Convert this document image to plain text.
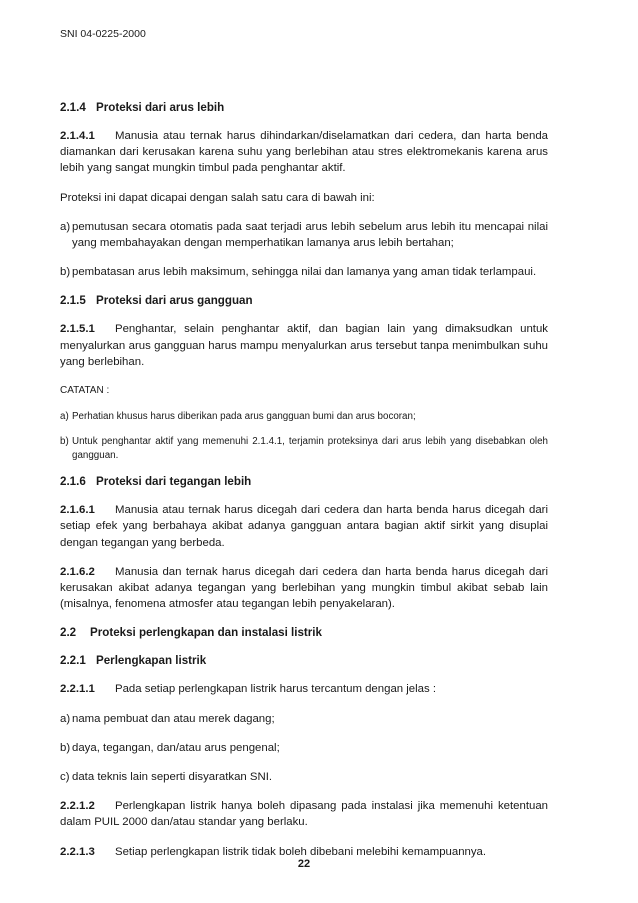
SNI 04-0225-2000
2.1.4 Proteksi dari arus lebih

2.1.4.1 Manusia atau ternak harus dihindarkan/diselamatkan dari cedera, dan harta benda diamankan dari kerusakan karena suhu yang berlebihan atau stres elektromekanis karena arus lebih yang sangat mungkin timbul pada penghantar aktif.

Proteksi ini dapat dicapai dengan salah satu cara di bawah ini:

a) pemutusan secara otomatis pada saat terjadi arus lebih sebelum arus lebih itu mencapai nilai yang membahayakan dengan memperhatikan lamanya arus lebih bertahan;

b) pembatasan arus lebih maksimum, sehingga nilai dan lamanya yang aman tidak terlampaui.

2.1.5 Proteksi dari arus gangguan

2.1.5.1 Penghantar, selain penghantar aktif, dan bagian lain yang dimaksudkan untuk menyalurkan arus gangguan harus mampu menyalurkan arus tersebut tanpa menimbulkan suhu yang berlebihan.

CATATAN :

a) Perhatian khusus harus diberikan pada arus gangguan bumi dan arus bocoran;

b) Untuk penghantar aktif yang memenuhi 2.1.4.1, terjamin proteksinya dari arus lebih yang disebabkan oleh gangguan.

2.1.6 Proteksi dari tegangan lebih

2.1.6.1 Manusia atau ternak harus dicegah dari cedera dan harta benda harus dicegah dari setiap efek yang berbahaya akibat adanya gangguan antara bagian aktif sirkit yang disuplai dengan tegangan yang berbeda.

2.1.6.2 Manusia dan ternak harus dicegah dari cedera dan harta benda harus dicegah dari kerusakan akibat adanya tegangan yang berlebihan yang mungkin timbul akibat sebab lain (misalnya, fenomena atmosfer atau tegangan lebih penyakelaran).

2.2 Proteksi perlengkapan dan instalasi listrik
2.2.1 Perlengkapan listrik

2.2.1.1 Pada setiap perlengkapan listrik harus tercantum dengan jelas :

a) nama pembuat dan atau merek dagang;

b) daya, tegangan, dan/atau arus pengenal;

c) data teknis lain seperti disyaratkan SNI.

2.2.1.2 Perlengkapan listrik hanya boleh dipasang pada instalasi jika memenuhi ketentuan dalam PUIL 2000 dan/atau standar yang berlaku.

2.2.1.3 Setiap perlengkapan listrik tidak boleh dibebani melebihi kemampuannya.

22
